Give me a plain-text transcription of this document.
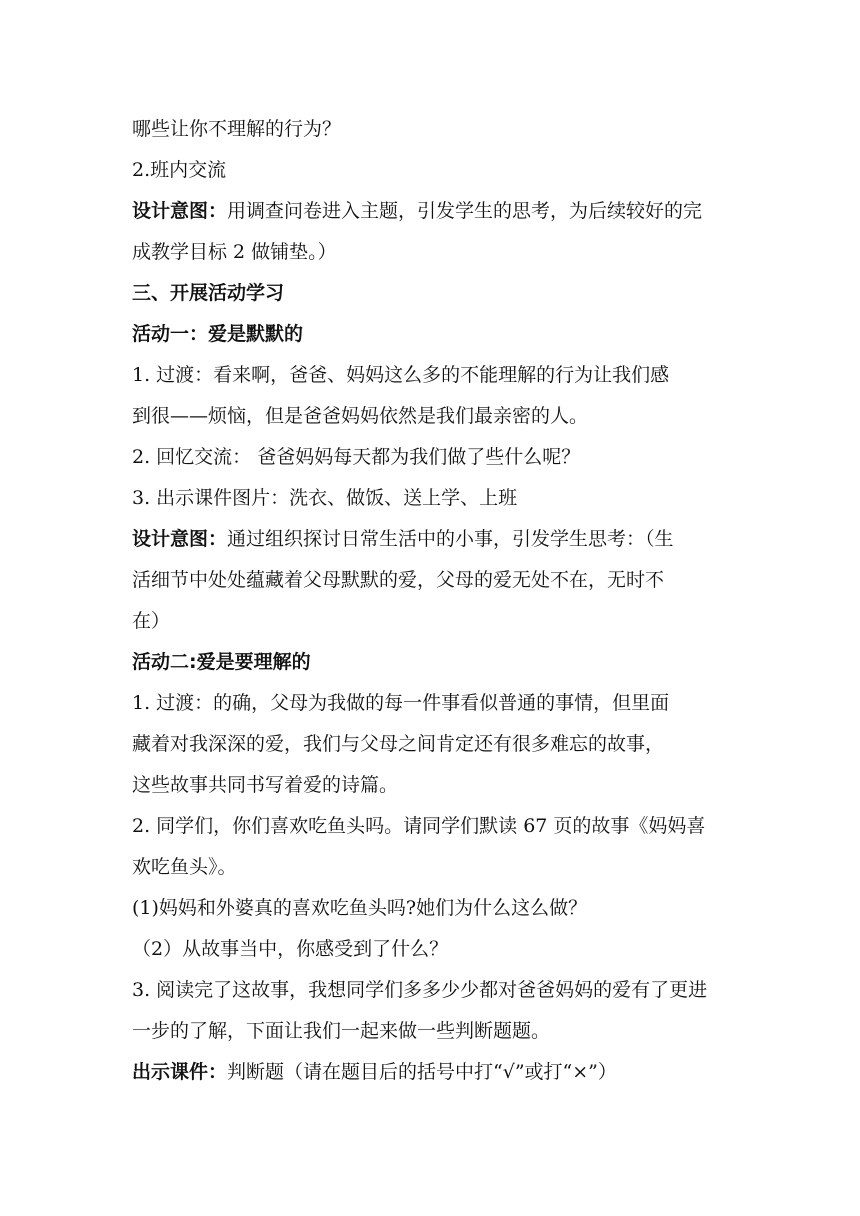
哪些让你不理解的行为？
2.班内交流
设计意图：用调查问卷进入主题，引发学生的思考，为后续较好的完
成教学目标 2 做铺垫。）
三、开展活动学习
活动一：爱是默默的
1. 过渡：看来啊，爸爸、妈妈这么多的不能理解的行为让我们感
到很——烦恼，但是爸爸妈妈依然是我们最亲密的人。
2. 回忆交流： 爸爸妈妈每天都为我们做了些什么呢？
3. 出示课件图片：洗衣、做饭、送上学、上班
设计意图：通过组织探讨日常生活中的小事，引发学生思考：（生
活细节中处处蕴藏着父母默默的爱，父母的爱无处不在，无时不
在）
活动二:爱是要理解的
1. 过渡：的确，父母为我做的每一件事看似普通的事情，但里面
藏着对我深深的爱，我们与父母之间肯定还有很多难忘的故事，
这些故事共同书写着爱的诗篇。
2. 同学们，你们喜欢吃鱼头吗。请同学们默读 67 页的故事《妈妈喜
欢吃鱼头》。
(1)妈妈和外婆真的喜欢吃鱼头吗?她们为什么这么做？
（2）从故事当中，你感受到了什么？
3. 阅读完了这故事，我想同学们多多少少都对爸爸妈妈的爱有了更进
一步的了解，下面让我们一起来做一些判断题题。
出示课件：判断题（请在题目后的括号中打“√”或打“×”）
